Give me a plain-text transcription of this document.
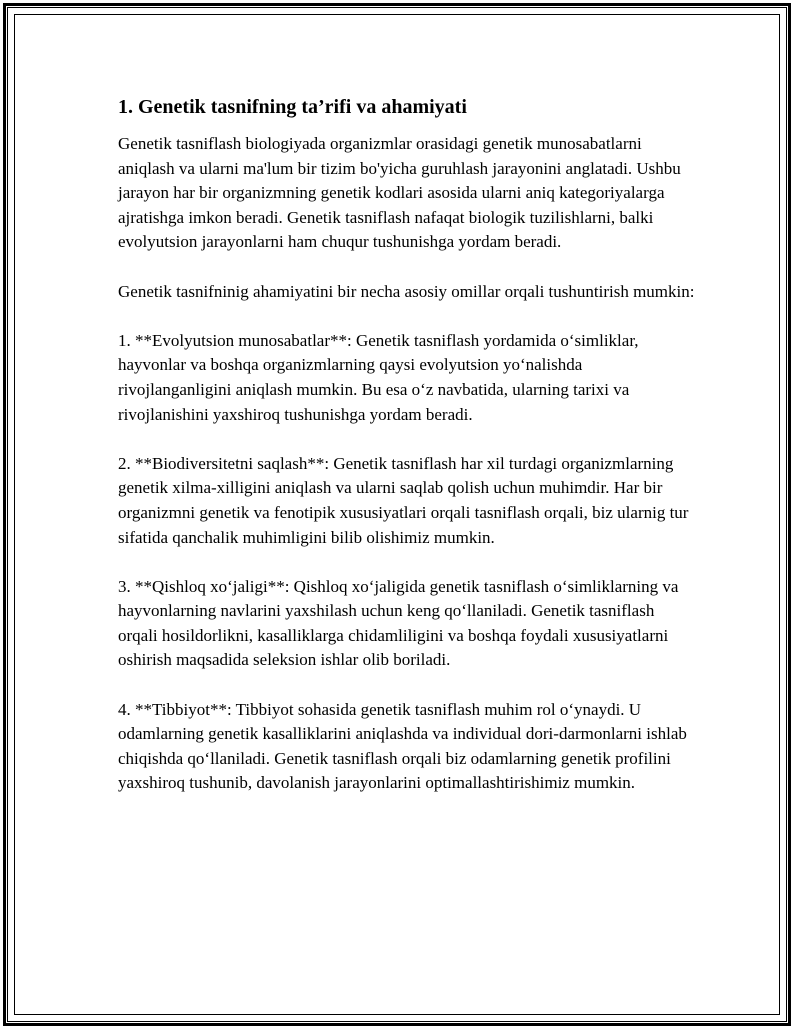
1. Genetik tasnifning ta’rifi va ahamiyati

Genetik tasniflash biologiyada organizmlar orasidagi genetik munosabatlarni aniqlash va ularni ma'lum bir tizim bo'yicha guruhlash jarayonini anglatadi. Ushbu jarayon har bir organizmning genetik kodlari asosida ularni aniq kategoriyalarga ajratishga imkon beradi. Genetik tasniflash nafaqat biologik tuzilishlarni, balki evolyutsion jarayonlarni ham chuqur tushunishga yordam beradi.

Genetik tasnifninig ahamiyatini bir necha asosiy omillar orqali tushuntirish mumkin:

1. **Evolyutsion munosabatlar**: Genetik tasniflash yordamida o‘simliklar, hayvonlar va boshqa organizmlarning qaysi evolyutsion yo‘nalishda rivojlanganligini aniqlash mumkin. Bu esa o‘z navbatida, ularning tarixi va rivojlanishini yaxshiroq tushunishga yordam beradi.

2. **Biodiversitetni saqlash**: Genetik tasniflash har xil turdagi organizmlarning genetik xilma-xilligini aniqlash va ularni saqlab qolish uchun muhimdir. Har bir organizmni genetik va fenotipik xususiyatlari orqali tasniflash orqali, biz ularnig tur sifatida qanchalik muhimligini bilib olishimiz mumkin.

3. **Qishloq xo‘jaligi**: Qishloq xo‘jaligida genetik tasniflash o‘simliklarning va hayvonlarning navlarini yaxshilash uchun keng qo‘llaniladi. Genetik tasniflash orqali hosildorlikni, kasalliklarga chidamliligini va boshqa foydali xususiyatlarni oshirish maqsadida seleksion ishlar olib boriladi.

4. **Tibbiyot**: Tibbiyot sohasida genetik tasniflash muhim rol o‘ynaydi. U odamlarning genetik kasalliklarini aniqlashda va individual dori-darmonlarni ishlab chiqishda qo‘llaniladi. Genetik tasniflash orqali biz odamlarning genetik profilini yaxshiroq tushunib, davolanish jarayonlarini optimallashtirishimiz mumkin.
